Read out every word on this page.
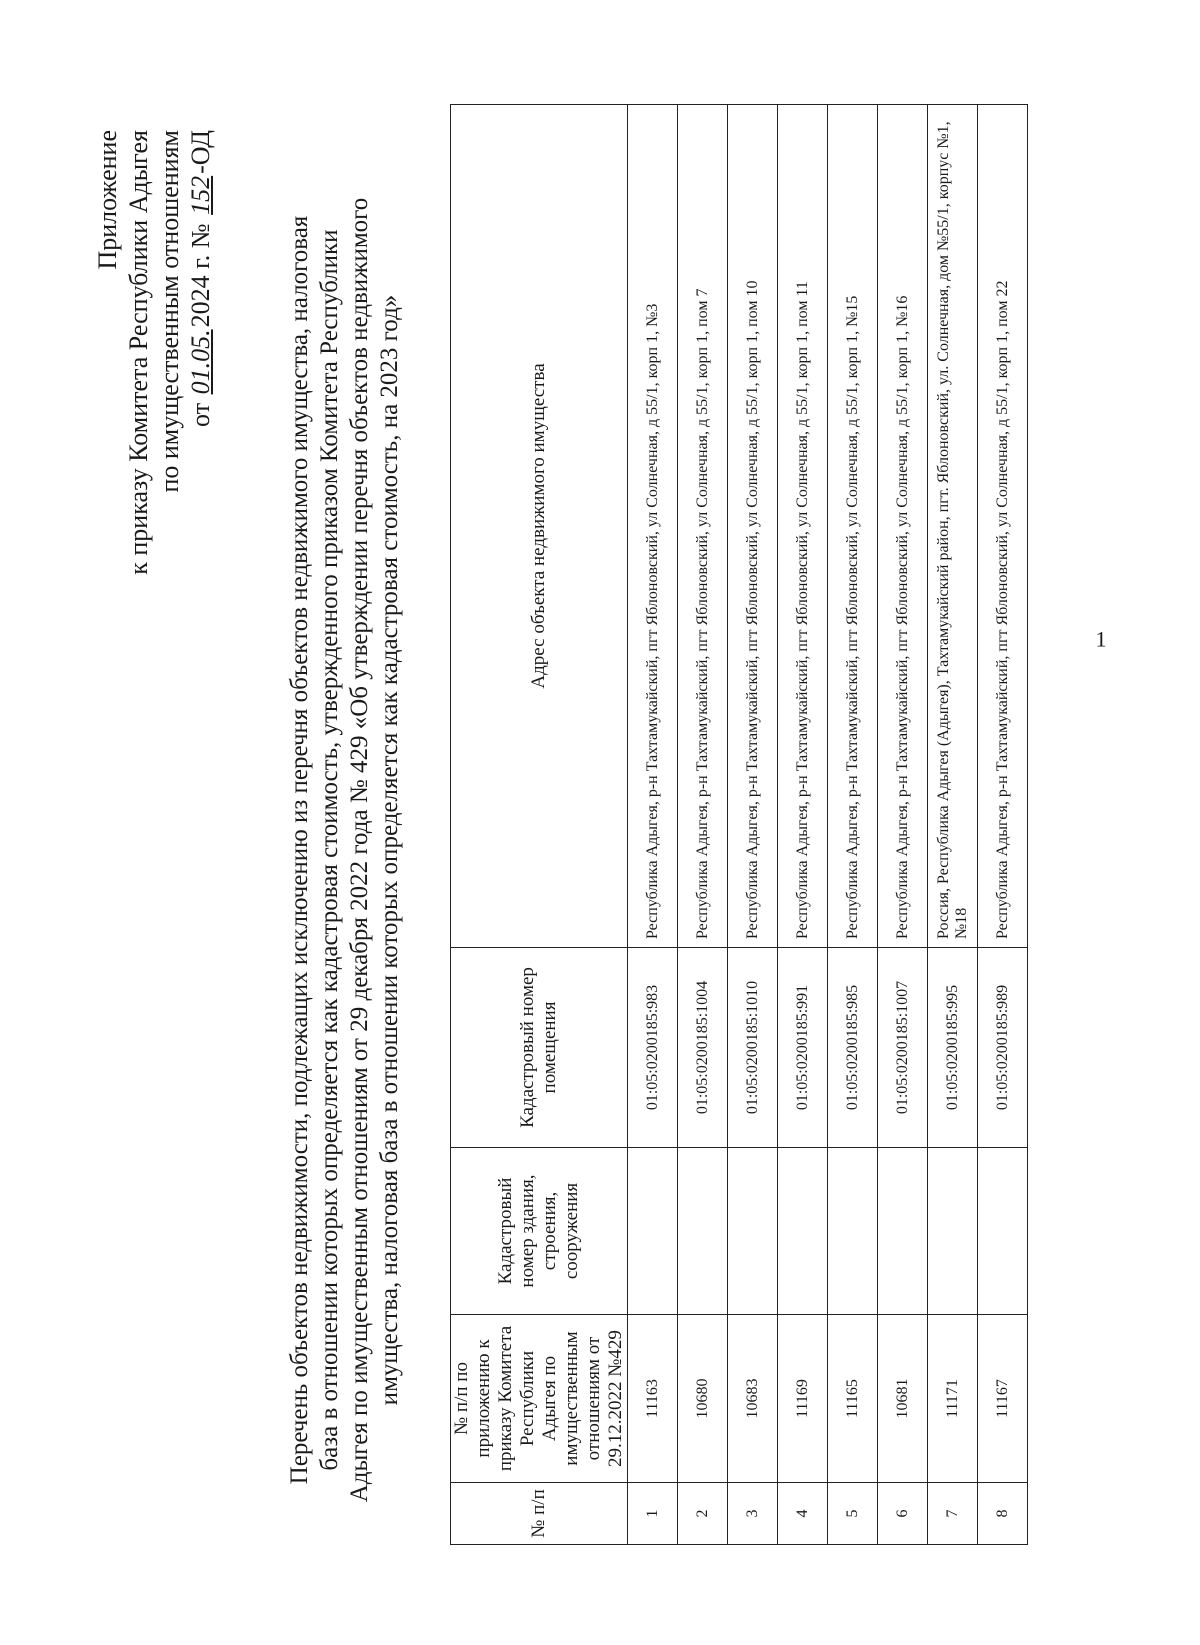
Приложение к приказу Комитета Республики Адыгея по имущественным отношениям от 01.05.2024 г. № 152-ОД
Перечень объектов недвижимости, подлежащих исключению из перечня объектов недвижимого имущества, налоговая база в отношении которых определяется как кадастровая стоимость, утвержденного приказом Комитета Республики Адыгея по имущественным отношениям от 29 декабря 2022 года № 429 «Об утверждении перечня объектов недвижимого имущества, налоговая база в отношении которых определяется как кадастровая стоимость, на 2023 год»
№ п/п	№ п/п по приложению к приказу Комитета Республики Адыгея по имущественным отношениям от 29.12.2022 №429	Кадастровый номер здания, строения, сооружения	Кадастровый номер помещения	Адрес объекта недвижимого имущества
1	11163		01:05:0200185:983	Республика Адыгея, р-н Тахтамукайский, пгт Яблоновский, ул Солнечная, д 55/1, корп 1, №3
2	10680		01:05:0200185:1004	Республика Адыгея, р-н Тахтамукайский, пгт Яблоновский, ул Солнечная, д 55/1, корп 1, пом 7
3	10683		01:05:0200185:1010	Республика Адыгея, р-н Тахтамукайский, пгт Яблоновский, ул Солнечная, д 55/1, корп 1, пом 10
4	11169		01:05:0200185:991	Республика Адыгея, р-н Тахтамукайский, пгт Яблоновский, ул Солнечная, д 55/1, корп 1, пом 11
5	11165		01:05:0200185:985	Республика Адыгея, р-н Тахтамукайский, пгт Яблоновский, ул Солнечная, д 55/1, корп 1, №15
6	10681		01:05:0200185:1007	Республика Адыгея, р-н Тахтамукайский, пгт Яблоновский, ул Солнечная, д 55/1, корп 1, №16
7	11171		01:05:0200185:995	Россия, Республика Адыгея (Адыгея), Тахтамукайский район, пгт. Яблоновский, ул. Солнечная, дом №55/1, корпус №1, №18
8	11167		01:05:0200185:989	Республика Адыгея, р-н Тахтамукайский, пгт Яблоновский, ул Солнечная, д 55/1, корп 1, пом 22	1
